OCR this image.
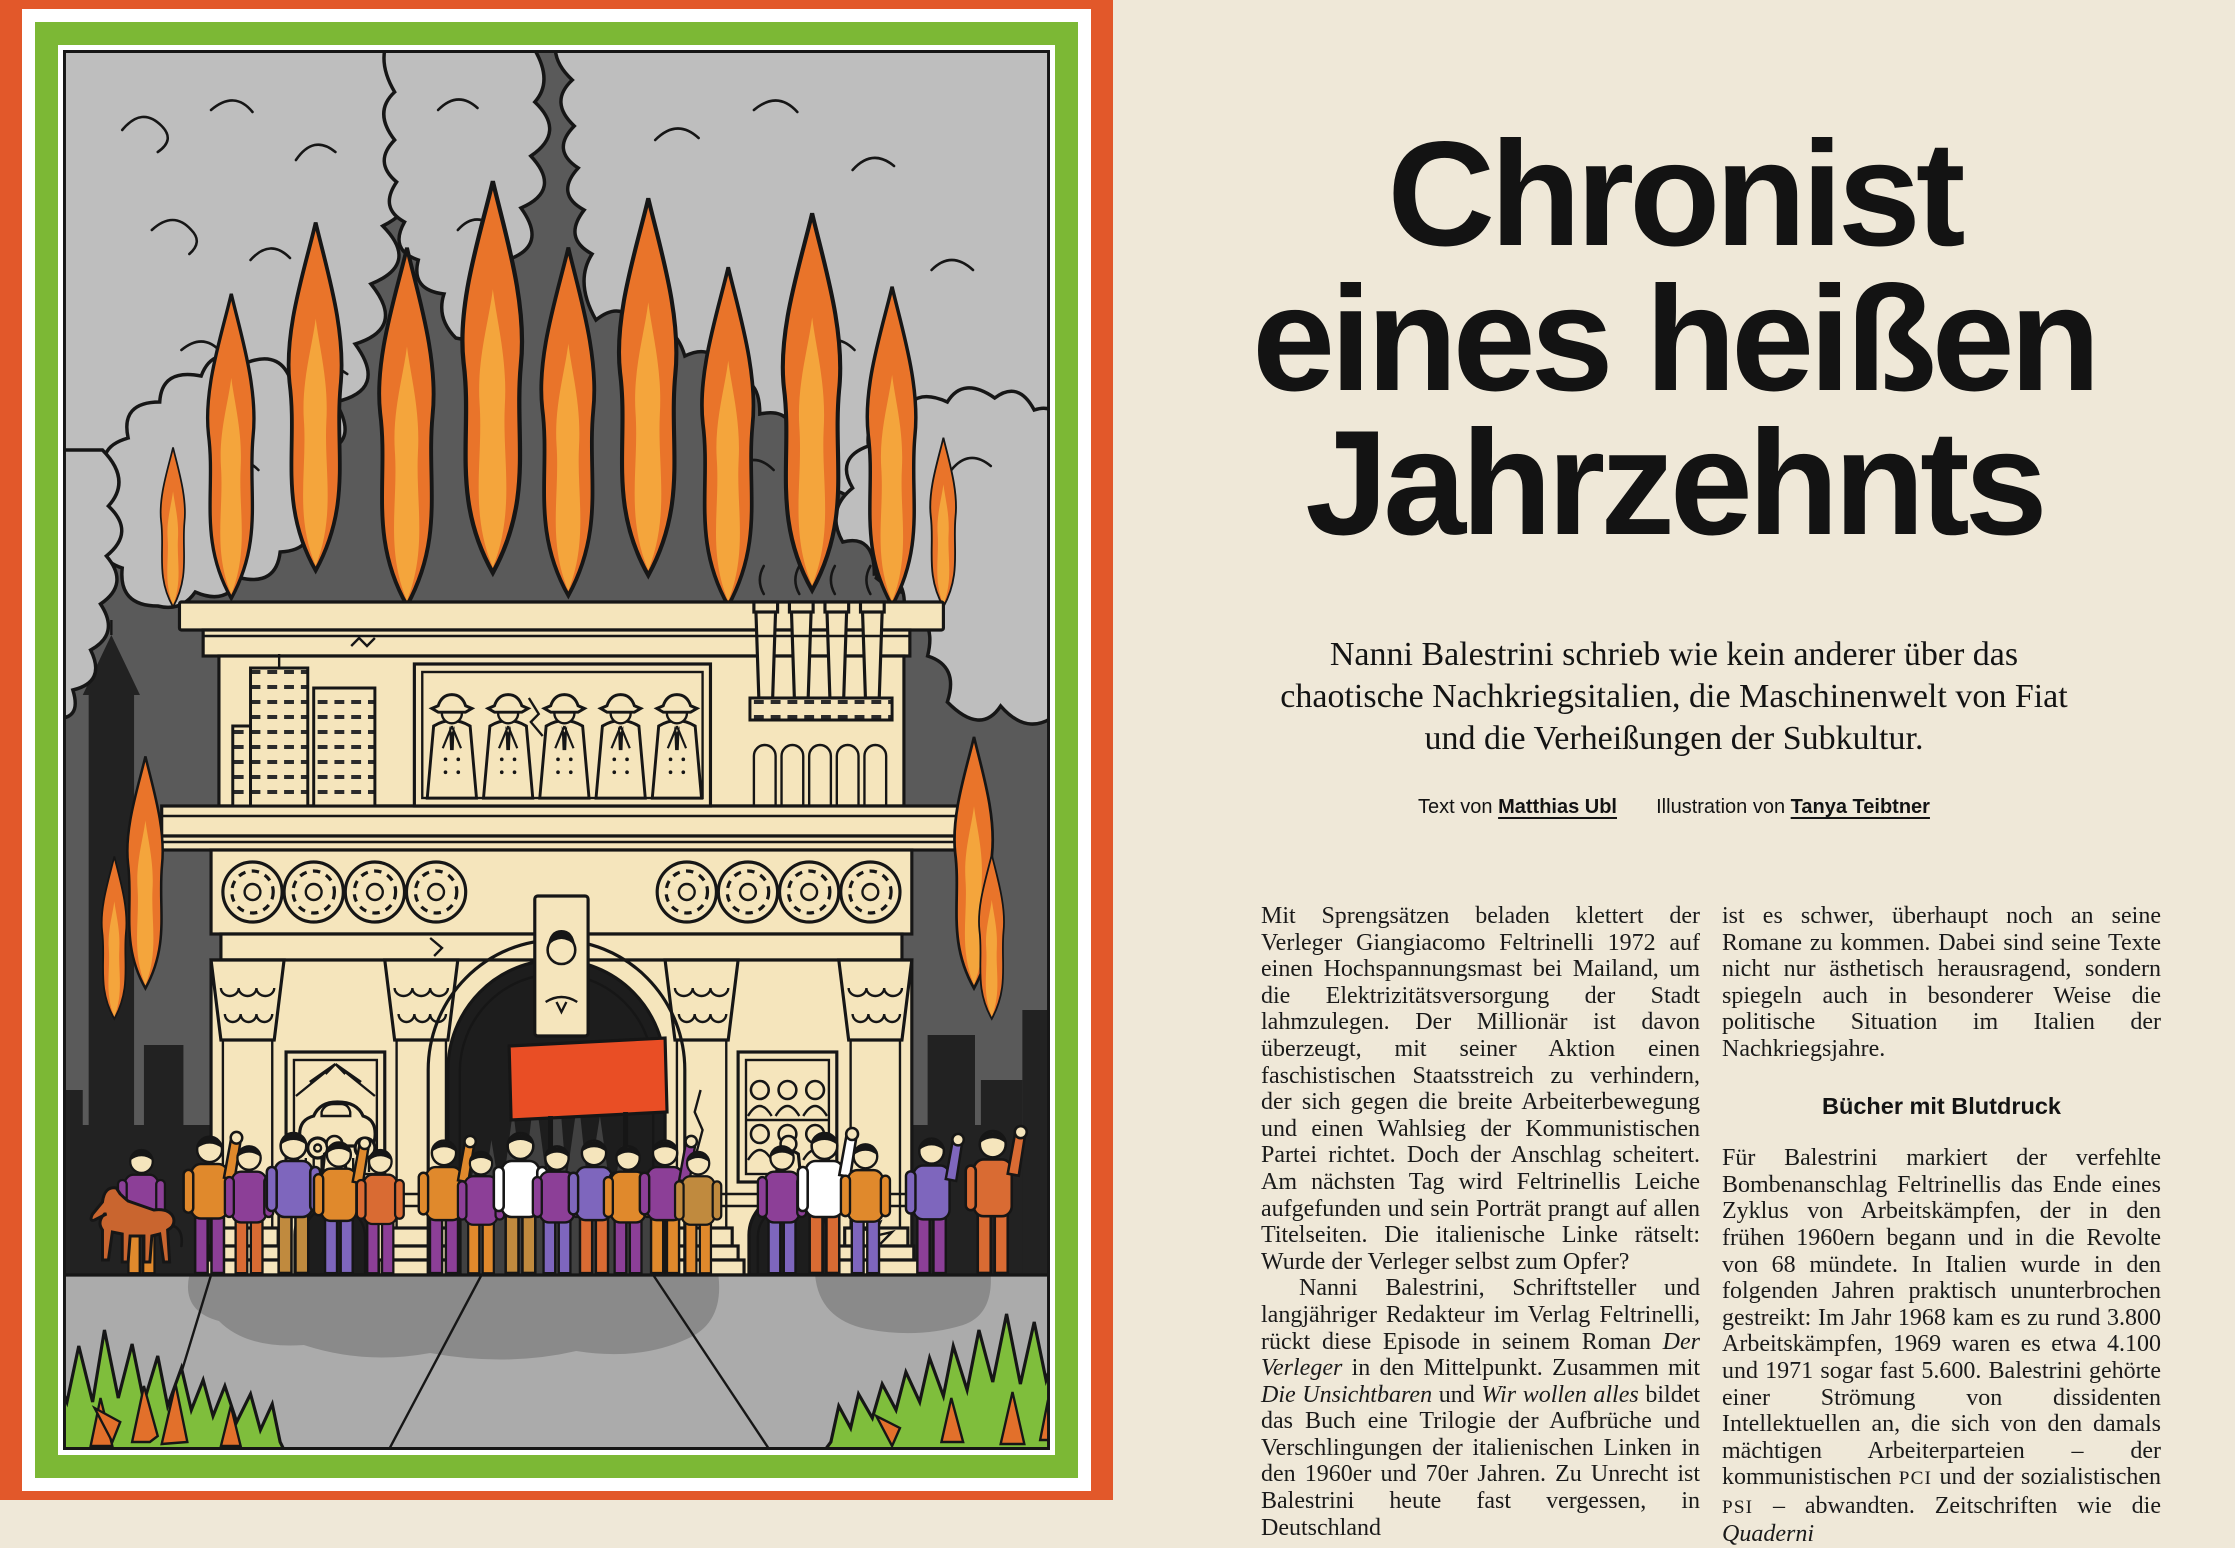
Chronist
eines heißen
Jahrzehnts

Nanni Balestrini schrieb wie kein anderer über das chaotische Nachkriegsitalien, die Maschinenwelt von Fiat und die Verheißungen der Subkultur.

Text von Matthias Ubl Illustration von Tanya Teibtner

Mit Sprengsätzen beladen klettert der Verleger Giangiacomo Feltrinelli 1972 auf einen Hochspannungsmast bei Mailand, um die Elektrizitätsversorgung der Stadt lahmzulegen. Der Millionär ist davon überzeugt, mit seiner Aktion einen faschistischen Staatsstreich zu verhindern, der sich gegen die breite Arbeiterbewegung und einen Wahlsieg der Kommunistischen Partei richtet. Doch der Anschlag scheitert. Am nächsten Tag wird Feltrinellis Leiche aufgefunden und sein Porträt prangt auf allen Titelseiten. Die italienische Linke rätselt: Wurde der Verleger selbst zum Opfer?

Nanni Balestrini, Schriftsteller und langjähriger Redakteur im Verlag Feltrinelli, rückt diese Episode in seinem Roman Der Verleger in den Mittelpunkt. Zusammen mit Die Unsichtbaren und Wir wollen alles bildet das Buch eine Trilogie der Aufbrüche und Verschlingungen der italienischen Linken in den 1960er und 70er Jahren. Zu Unrecht ist Balestrini heute fast vergessen, in Deutschland

ist es schwer, überhaupt noch an seine Romane zu kommen. Dabei sind seine Texte nicht nur ästhetisch herausragend, sondern spiegeln auch in besonderer Weise die politische Situation im Italien der Nachkriegsjahre.

Bücher mit Blutdruck

Für Balestrini markiert der verfehlte Bombenanschlag Feltrinellis das Ende eines Zyklus von Arbeitskämpfen, der in den frühen 1960ern begann und in die Revolte von 68 mündete. In Italien wurde in den folgenden Jahren praktisch ununterbrochen gestreikt: Im Jahr 1968 kam es zu rund 3.800 Arbeitskämpfen, 1969 waren es etwa 4.100 und 1971 sogar fast 5.600. Balestrini gehörte einer Strömung von dissidenten Intellektuellen an, die sich von den damals mächtigen Arbeiterparteien – der kommunistischen PCI und der sozialistischen PSI – abwandten. Zeitschriften wie die Quaderni
